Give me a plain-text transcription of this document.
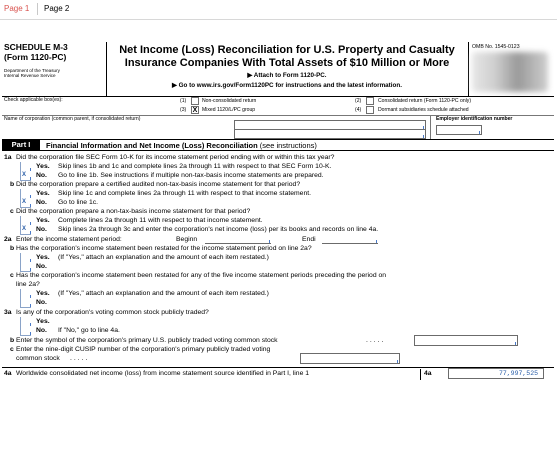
Page 1 Page 2
SCHEDULE M-3
(Form 1120-PC)
Department of the Treasury
Internal Revenue Service
Net Income (Loss) Reconciliation for U.S. Property and Casualty
Insurance Companies With Total Assets of $10 Million or More
▶ Attach to Form 1120-PC.
▶ Go to www.irs.gov/Form1120PC for instructions and the latest information.
OMB No. 1545-0123
Check applicable box(es):	(1)	Non-consolidated return	(2)	Consolidated return (Form 1120-PC only)
(3) X Mixed 1120/L/PC group	(4)	Dormant subsidiaries schedule attached
Name of corporation (common parent, if consolidated return)	Employer identification number
Part I	Financial Information and Net Income (Loss) Reconciliation (see instructions)
1a Did the corporation file SEC Form 10-K for its income statement period ending with or within this tax year?
Yes. Skip lines 1b and 1c and complete lines 2a through 11 with respect to that SEC Form 10-K.
X	No. Go to line 1b. See instructions if multiple non-tax-basis income statements are prepared.
b Did the corporation prepare a certified audited non-tax-basis income statement for that period?
Yes. Skip line 1c and complete lines 2a through 11 with respect to that income statement.
X	No. Go to line 1c.
c Did the corporation prepare a non-tax-basis income statement for that period?
Yes. Complete lines 2a through 11 with respect to that income statement.
X	No. Skip lines 2a through 3c and enter the corporation's net income (loss) per its books and records on line 4a.
2a Enter the income statement period:	Beginn	Endi
b Has the corporation's income statement been restated for the income statement period on line 2a?
Yes. (If "Yes," attach an explanation and the amount of each item restated.)
No.
c Has the corporation's income statement been restated for any of the five income statement periods preceding the period on
line 2a?
Yes. (If "Yes," attach an explanation and the amount of each item restated.)
No.
3a Is any of the corporation's voting common stock publicly traded?
Yes.
No. If "No," go to line 4a.
b Enter the symbol of the corporation's primary U.S. publicly traded voting common stock	.....
c Enter the nine-digit CUSIP number of the corporation's primary publicly traded voting
common stock .....
4a Worldwide consolidated net income (loss) from income statement source identified in Part I, line 1	4a	77,997,525
